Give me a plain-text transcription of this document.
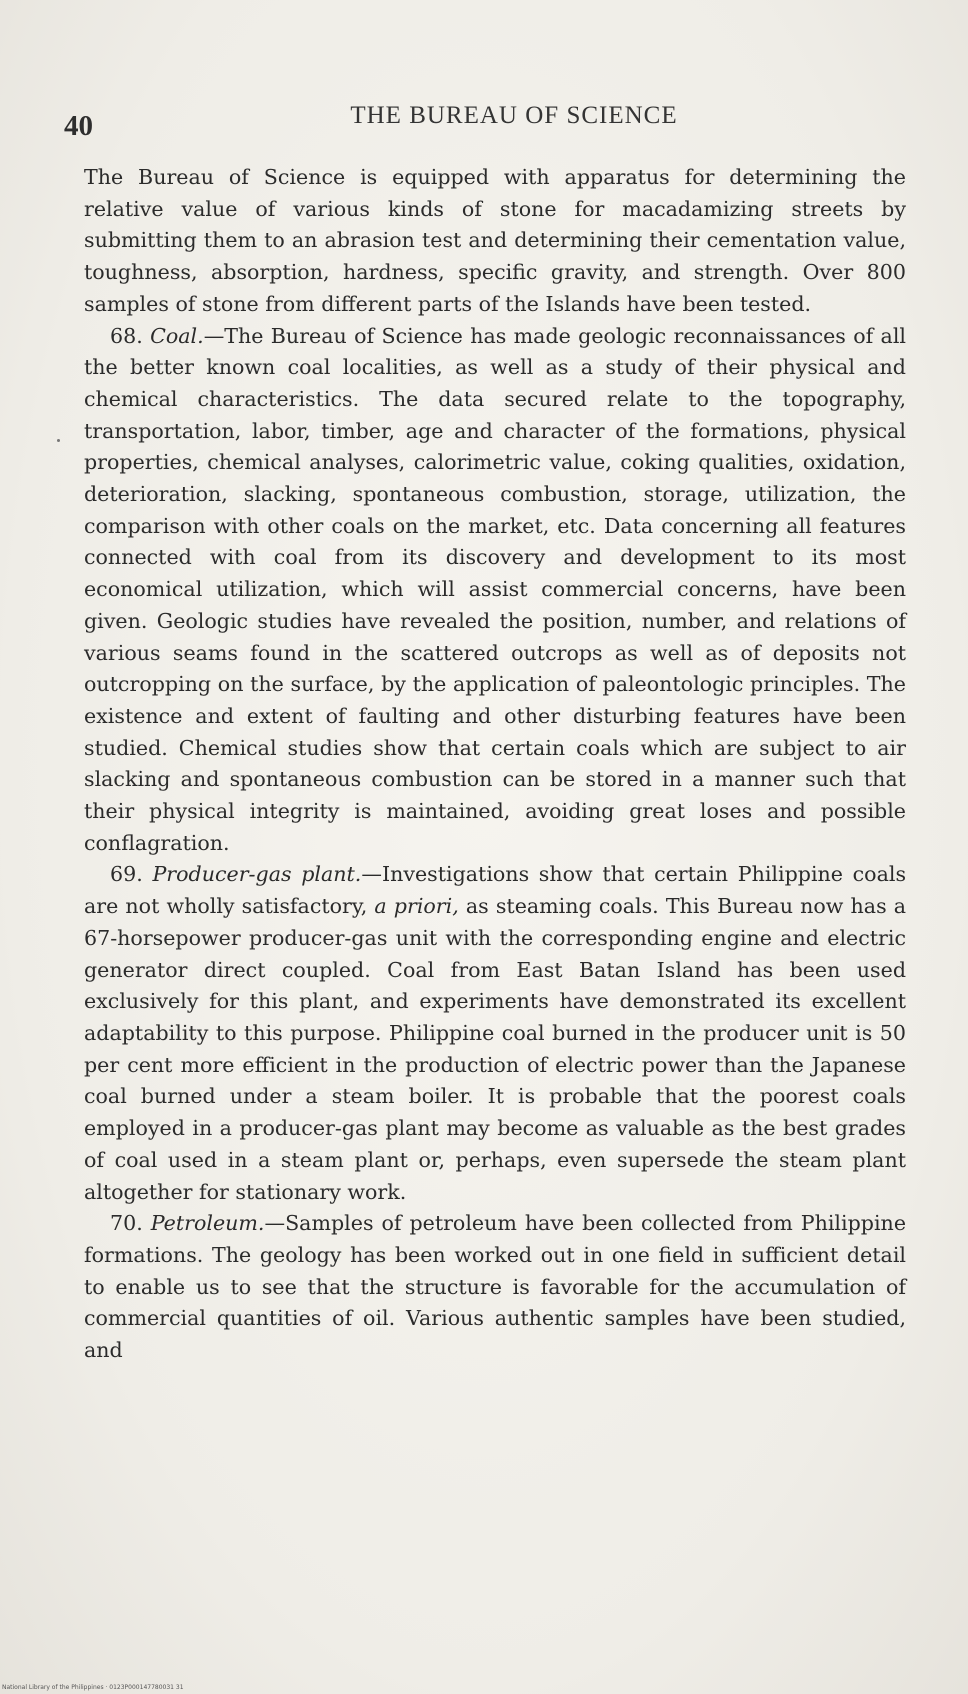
40	THE BUREAU OF SCIENCE

The Bureau of Science is equipped with apparatus for determining the relative value of various kinds of stone for macadamizing streets by submitting them to an abrasion test and determining their cementation value, toughness, absorption, hardness, specific gravity, and strength. Over 800 samples of stone from different parts of the Islands have been tested.

68. Coal.—The Bureau of Science has made geologic reconnaissances of all the better known coal localities, as well as a study of their physical and chemical characteristics. The data secured relate to the topography, transportation, labor, timber, age and character of the formations, physical properties, chemical analyses, calorimetric value, coking qualities, oxidation, deterioration, slacking, spontaneous combustion, storage, utilization, the comparison with other coals on the market, etc. Data concerning all features connected with coal from its discovery and development to its most economical utilization, which will assist commercial concerns, have been given. Geologic studies have revealed the position, number, and relations of various seams found in the scattered outcrops as well as of deposits not outcropping on the surface, by the application of paleontologic principles. The existence and extent of faulting and other disturbing features have been studied. Chemical studies show that certain coals which are subject to air slacking and spontaneous combustion can be stored in a manner such that their physical integrity is maintained, avoiding great loses and possible conflagration.

69. Producer-gas plant.—Investigations show that certain Philippine coals are not wholly satisfactory, a priori, as steaming coals. This Bureau now has a 67-horsepower producer-gas unit with the corresponding engine and electric generator direct coupled. Coal from East Batan Island has been used exclusively for this plant, and experiments have demonstrated its excellent adaptability to this purpose. Philippine coal burned in the producer unit is 50 per cent more efficient in the production of electric power than the Japanese coal burned under a steam boiler. It is probable that the poorest coals employed in a producer-gas plant may become as valuable as the best grades of coal used in a steam plant or, perhaps, even supersede the steam plant altogether for stationary work.

70. Petroleum.—Samples of petroleum have been collected from Philippine formations. The geology has been worked out in one field in sufficient detail to enable us to see that the structure is favorable for the accumulation of commercial quantities of oil. Various authentic samples have been studied, and

National Library of the Philippines · 0123P000147780031 31
